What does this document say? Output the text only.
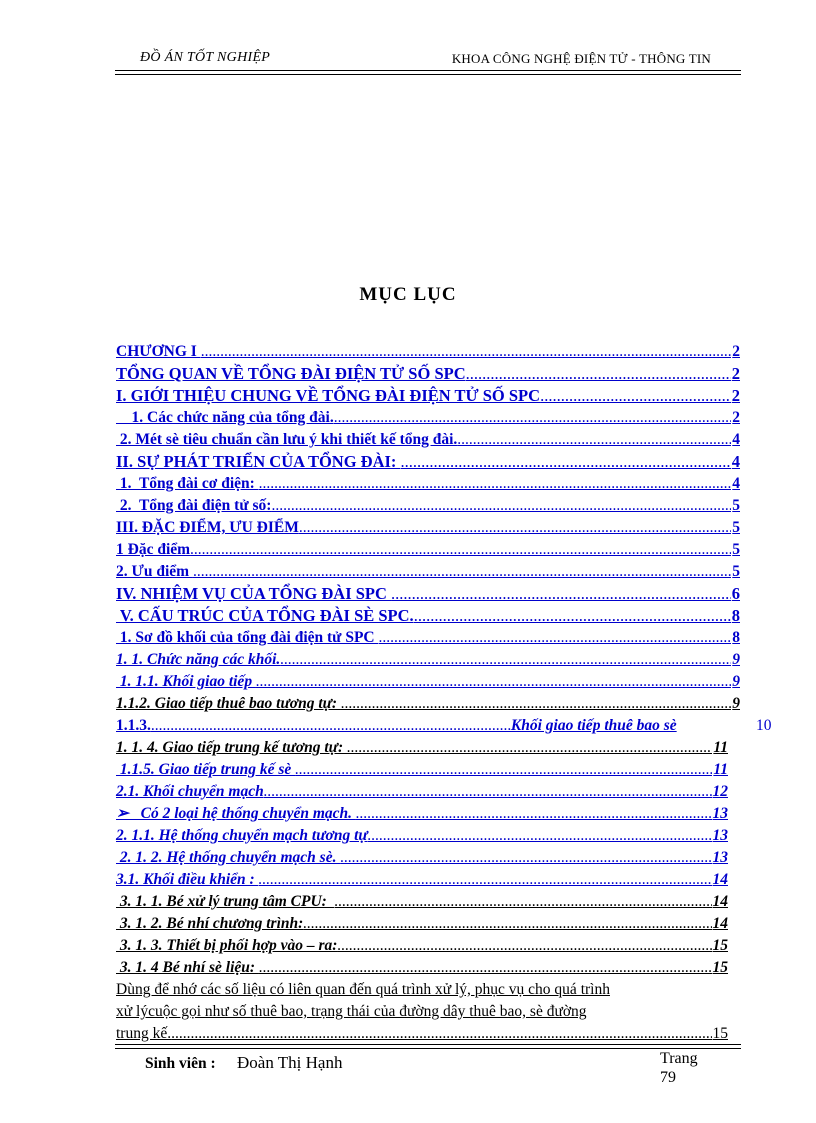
ĐỒ ÁN TỐT NGHIỆP	KHOA CÔNG NGHỆ ĐIỆN TỬ - THÔNG TIN
MỤC LỤC
CHƯƠNG I .....	2
TỔNG QUAN VỀ TỔNG ĐÀI ĐIỆN TỬ SỐ SPC .....	2
I. GIỚI THIỆU CHUNG VỀ TỔNG ĐÀI ĐIỆN TỬ SỐ SPC .....	2
1. Các chức năng của tổng đài. .....	2
2. Mét sè tiêu chuẩn cần lưu ý khi thiết kế tổng đài. .....	4
II. SỰ PHÁT TRIỂN CỦA TỔNG ĐÀI: .....	4
1.  Tổng đài cơ điện: .....	4
2.  Tổng đài điện tử số: .....	5
III. ĐẶC ĐIỂM, ƯU ĐIỂM .....	5
1 Đặc điểm .....	5
2. Ưu điểm .....	5
IV. NHIỆM VỤ CỦA TỔNG ĐÀI SPC .....	6
V. CẤU TRÚC CỦA TỔNG ĐÀI SÈ SPC. .....	8
1. Sơ đồ khối của tổng đài điện tử SPC .....	8
1. 1. Chức năng các khối. .....	9
1. 1.1. Khối giao tiếp .....	9
1.1.2. Giao tiếp thuê bao tương tự: .....	9
1.1.3. .....	Khối giao tiếp thuê bao sè	10
1. 1. 4. Giao tiếp trung kế tương tự: .....	11
1.1.5. Giao tiếp trung kế sè .....	11
2.1. Khối chuyển mạch .....	12
➢   Có 2 loại hệ thống chuyển mạch. .....	13
2. 1.1. Hệ thống chuyển mạch tương tự .....	13
2. 1. 2. Hệ thống chuyển mạch sè. .....	13
3.1. Khối điều khiển : .....	14
3. 1. 1. Bé xử lý trung tâm CPU: .....	14
3. 1. 2. Bé nhí chương trình: .....	14
3. 1. 3. Thiết bị phối hợp vào – ra: .....	15
3. 1. 4 Bé nhí sè liệu: .....	15
Dùng để nhớ các số liệu có liên quan đến quá trình xử lý, phục vụ cho quá trình
xử lýcuộc gọi như số thuê bao, trạng thái của đường dây thuê bao, sè đường
trung kế. .....	15
Sinh viên : Đoàn Thị Hạnh	Trang
79
